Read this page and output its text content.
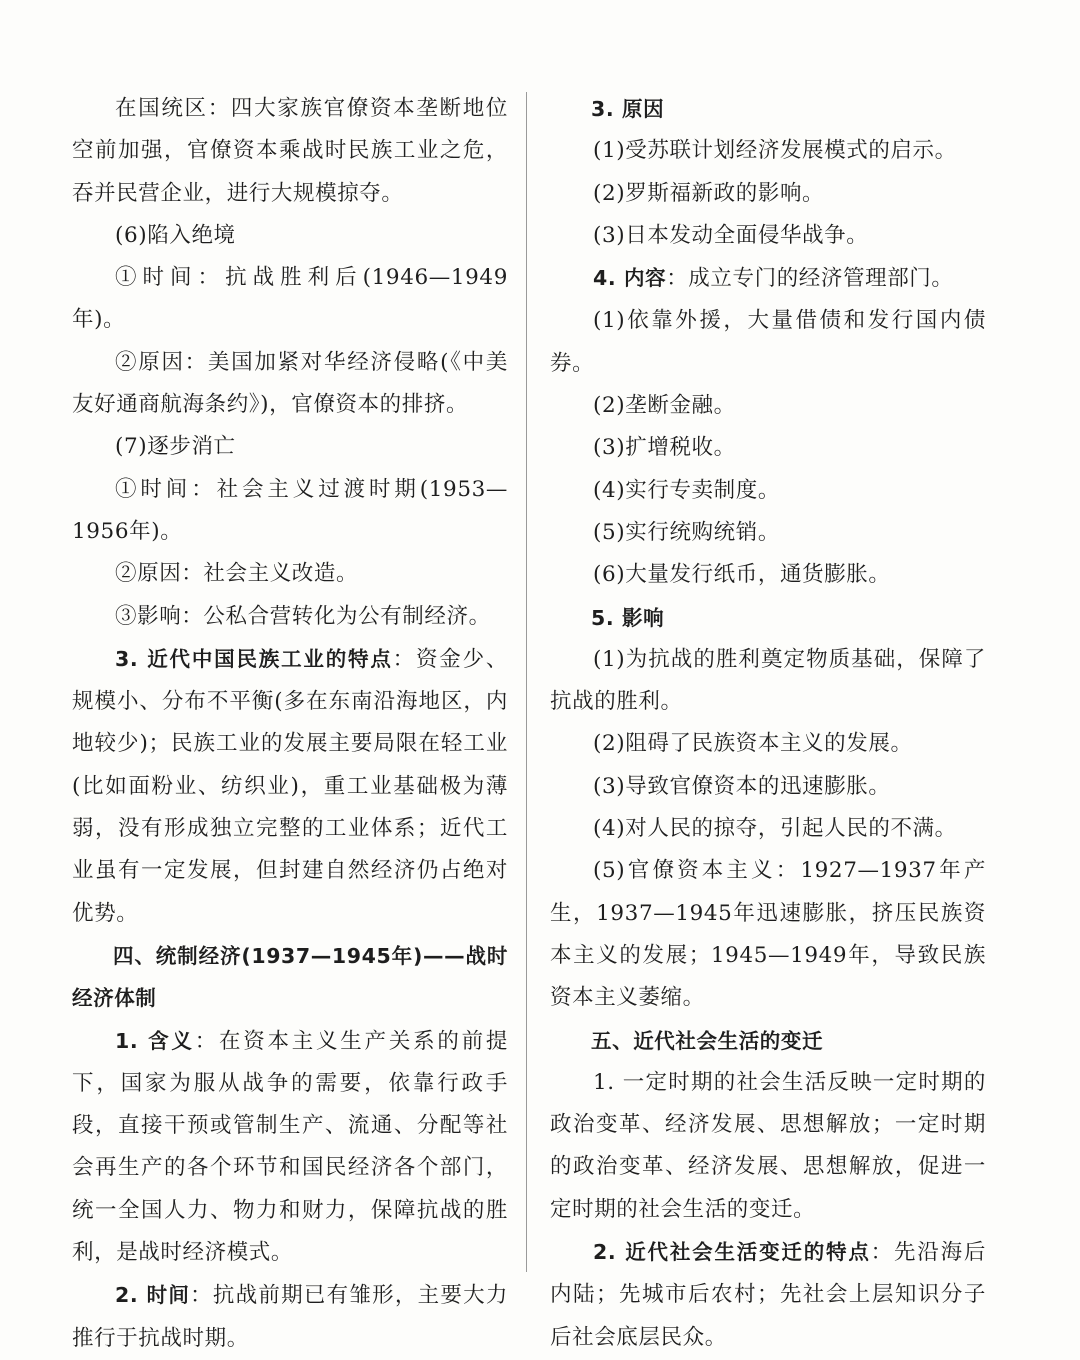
在国统区：四大家族官僚资本垄断地位空前加强，官僚资本乘战时民族工业之危，吞并民营企业，进行大规模掠夺。

(6)陷入绝境

①时间：抗战胜利后(1946—1949年)。

②原因：美国加紧对华经济侵略(《中美友好通商航海条约》)，官僚资本的排挤。

(7)逐步消亡

①时间：社会主义过渡时期(1953—1956年)。

②原因：社会主义改造。

③影响：公私合营转化为公有制经济。

3. 近代中国民族工业的特点：资金少、规模小、分布不平衡(多在东南沿海地区，内地较少)；民族工业的发展主要局限在轻工业(比如面粉业、纺织业)，重工业基础极为薄弱，没有形成独立完整的工业体系；近代工业虽有一定发展，但封建自然经济仍占绝对优势。

四、统制经济(1937—1945年)——战时经济体制

1. 含义：在资本主义生产关系的前提下，国家为服从战争的需要，依靠行政手段，直接干预或管制生产、流通、分配等社会再生产的各个环节和国民经济各个部门，统一全国人力、物力和财力，保障抗战的胜利，是战时经济模式。

2. 时间：抗战前期已有雏形，主要大力推行于抗战时期。

3. 原因

(1)受苏联计划经济发展模式的启示。

(2)罗斯福新政的影响。

(3)日本发动全面侵华战争。

4. 内容：成立专门的经济管理部门。

(1)依靠外援，大量借债和发行国内债券。

(2)垄断金融。

(3)扩增税收。

(4)实行专卖制度。

(5)实行统购统销。

(6)大量发行纸币，通货膨胀。

5. 影响

(1)为抗战的胜利奠定物质基础，保障了抗战的胜利。

(2)阻碍了民族资本主义的发展。

(3)导致官僚资本的迅速膨胀。

(4)对人民的掠夺，引起人民的不满。

(5)官僚资本主义：1927—1937年产生，1937—1945年迅速膨胀，挤压民族资本主义的发展；1945—1949年，导致民族资本主义萎缩。

五、近代社会生活的变迁

1. 一定时期的社会生活反映一定时期的政治变革、经济发展、思想解放；一定时期的政治变革、经济发展、思想解放，促进一定时期的社会生活的变迁。

2. 近代社会生活变迁的特点：先沿海后内陆；先城市后农村；先社会上层知识分子后社会底层民众。
